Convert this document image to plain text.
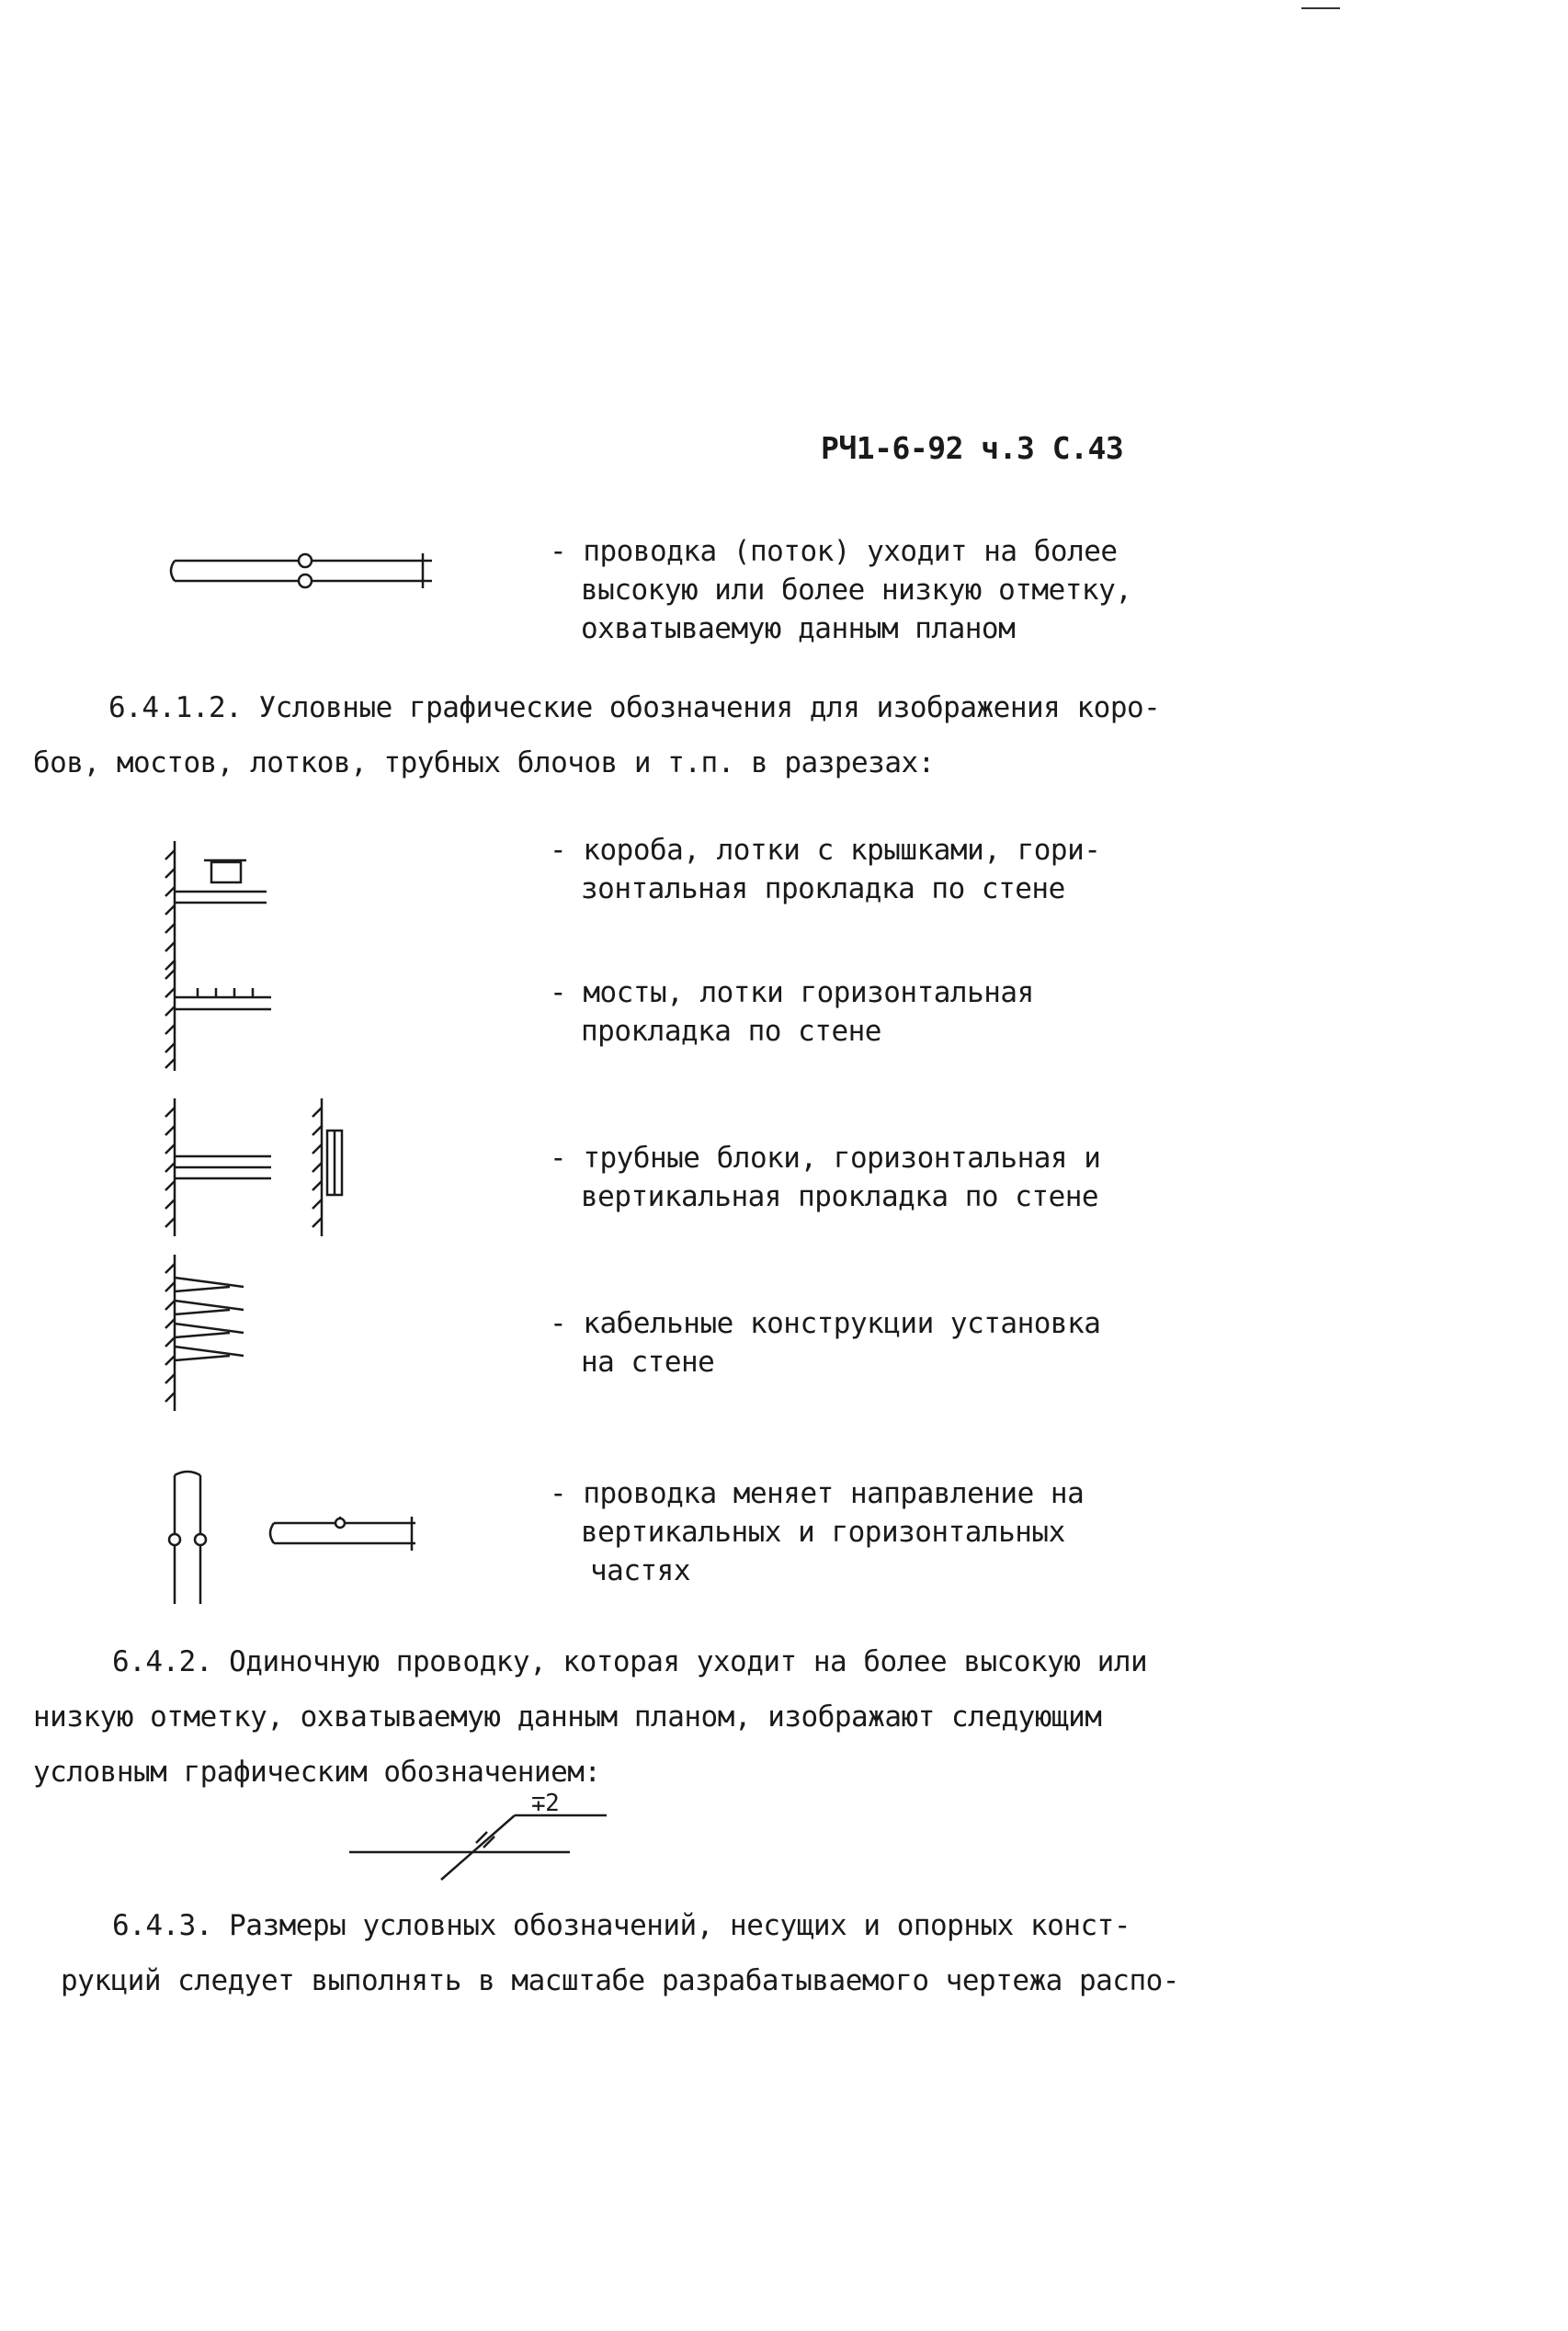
РЧ1-6-92 ч.3 С.43
- проводка (поток) уходит на более
высокую или более низкую отметку,
охватываемую данным планом
6.4.1.2. Условные графические обозначения для изображения коро-
бов, мостов, лотков, трубных блочов и т.п. в разрезах:
- короба, лотки с крышками, гори-
зонтальная прокладка по стене
- мосты, лотки горизонтальная
прокладка по стене
- трубные блоки, горизонтальная и
вертикальная прокладка по стене
- кабельные конструкции установка
на стене
- проводка меняет направление на
вертикальных и горизонтальных
частях
6.4.2. Одиночную проводку, которая уходит на более высокую или
низкую отметку, охватываемую данным планом, изображают следующим
условным графическим обозначением:
∓2
6.4.3. Размеры условных обозначений, несущих и опорных конст-
рукций следует выполнять в масштабе разрабатываемого чертежа распо-
